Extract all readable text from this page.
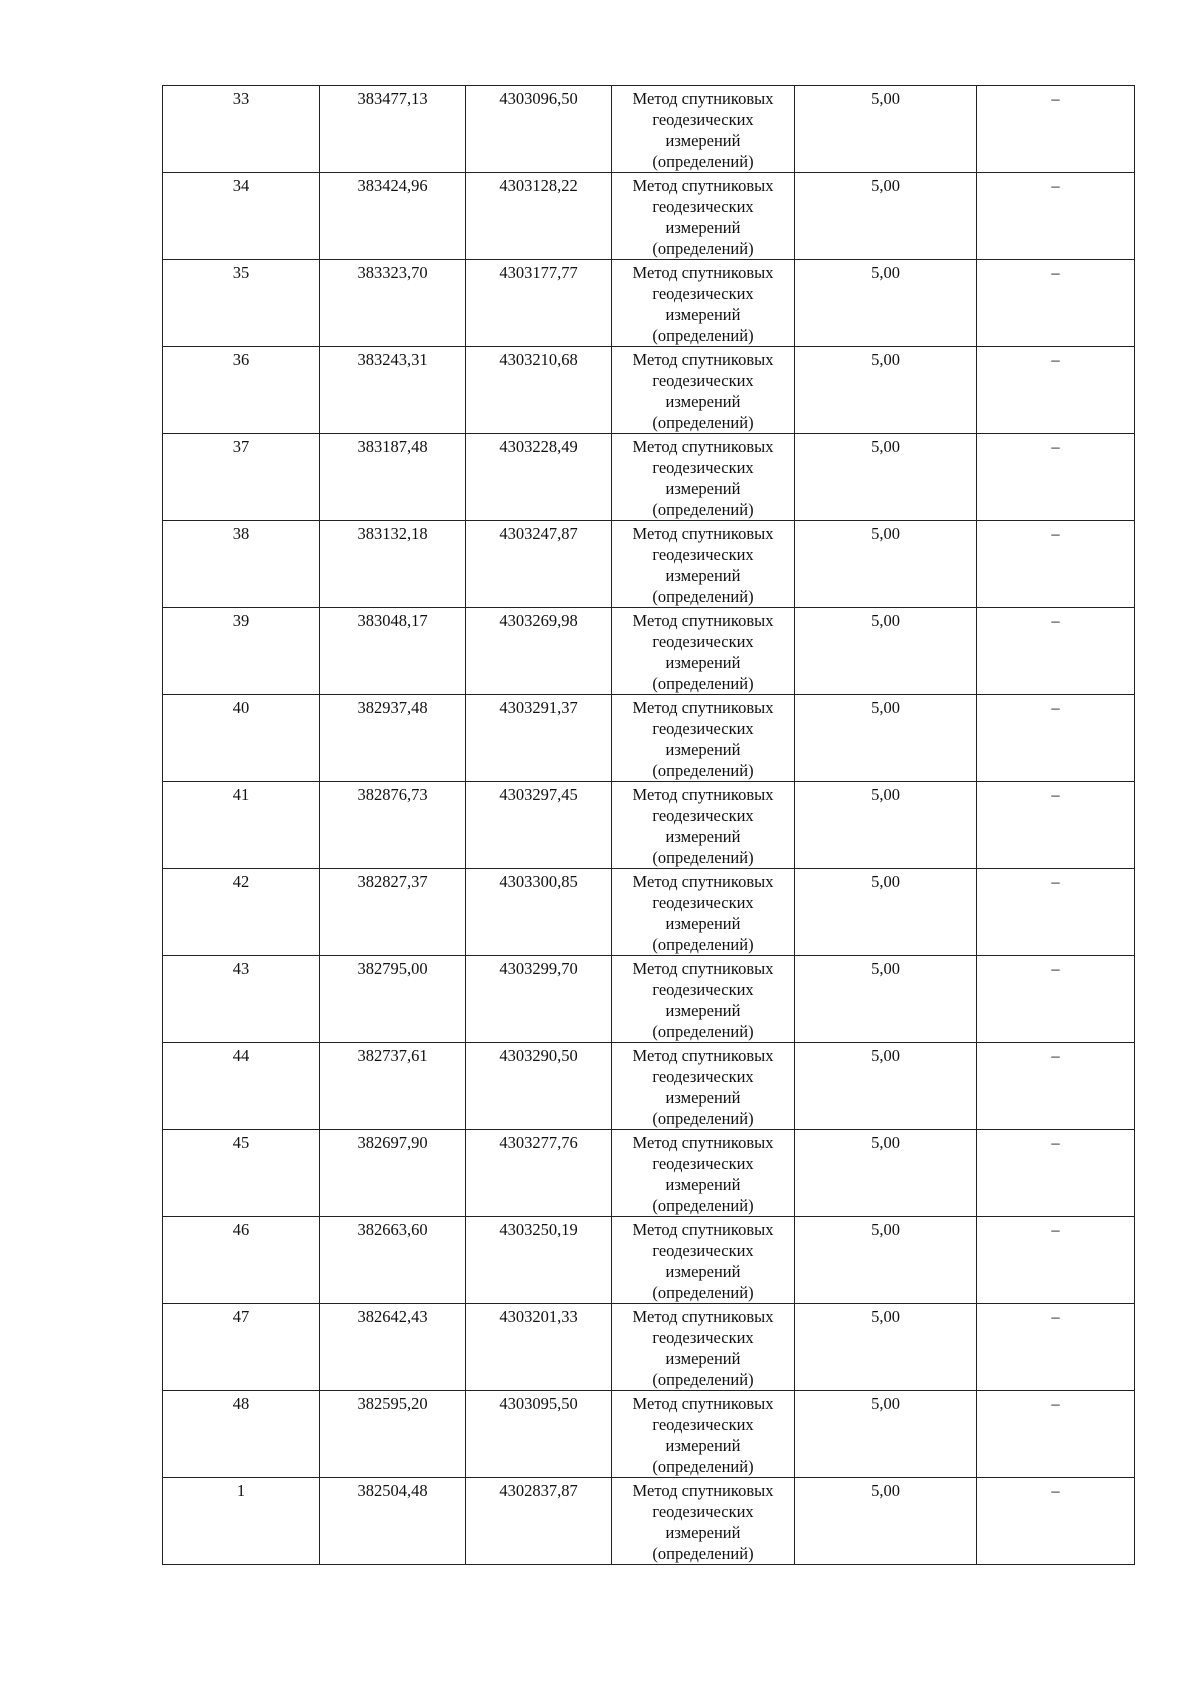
33	383477,13	4303096,50	Метод спутниковых
геодезических
измерений
(определений)	5,00	–

34	383424,96	4303128,22	Метод спутниковых
геодезических
измерений
(определений)	5,00	–

35	383323,70	4303177,77	Метод спутниковых
геодезических
измерений
(определений)	5,00	–

36	383243,31	4303210,68	Метод спутниковых
геодезических
измерений
(определений)	5,00	–

37	383187,48	4303228,49	Метод спутниковых
геодезических
измерений
(определений)	5,00	–

38	383132,18	4303247,87	Метод спутниковых
геодезических
измерений
(определений)	5,00	–

39	383048,17	4303269,98	Метод спутниковых
геодезических
измерений
(определений)	5,00	–

40	382937,48	4303291,37	Метод спутниковых
геодезических
измерений
(определений)	5,00	–

41	382876,73	4303297,45	Метод спутниковых
геодезических
измерений
(определений)	5,00	–

42	382827,37	4303300,85	Метод спутниковых
геодезических
измерений
(определений)	5,00	–

43	382795,00	4303299,70	Метод спутниковых
геодезических
измерений
(определений)	5,00	–

44	382737,61	4303290,50	Метод спутниковых
геодезических
измерений
(определений)	5,00	–

45	382697,90	4303277,76	Метод спутниковых
геодезических
измерений
(определений)	5,00	–

46	382663,60	4303250,19	Метод спутниковых
геодезических
измерений
(определений)	5,00	–

47	382642,43	4303201,33	Метод спутниковых
геодезических
измерений
(определений)	5,00	–

48	382595,20	4303095,50	Метод спутниковых
геодезических
измерений
(определений)	5,00	–

1	382504,48	4302837,87	Метод спутниковых
геодезических
измерений
(определений)	5,00	–
